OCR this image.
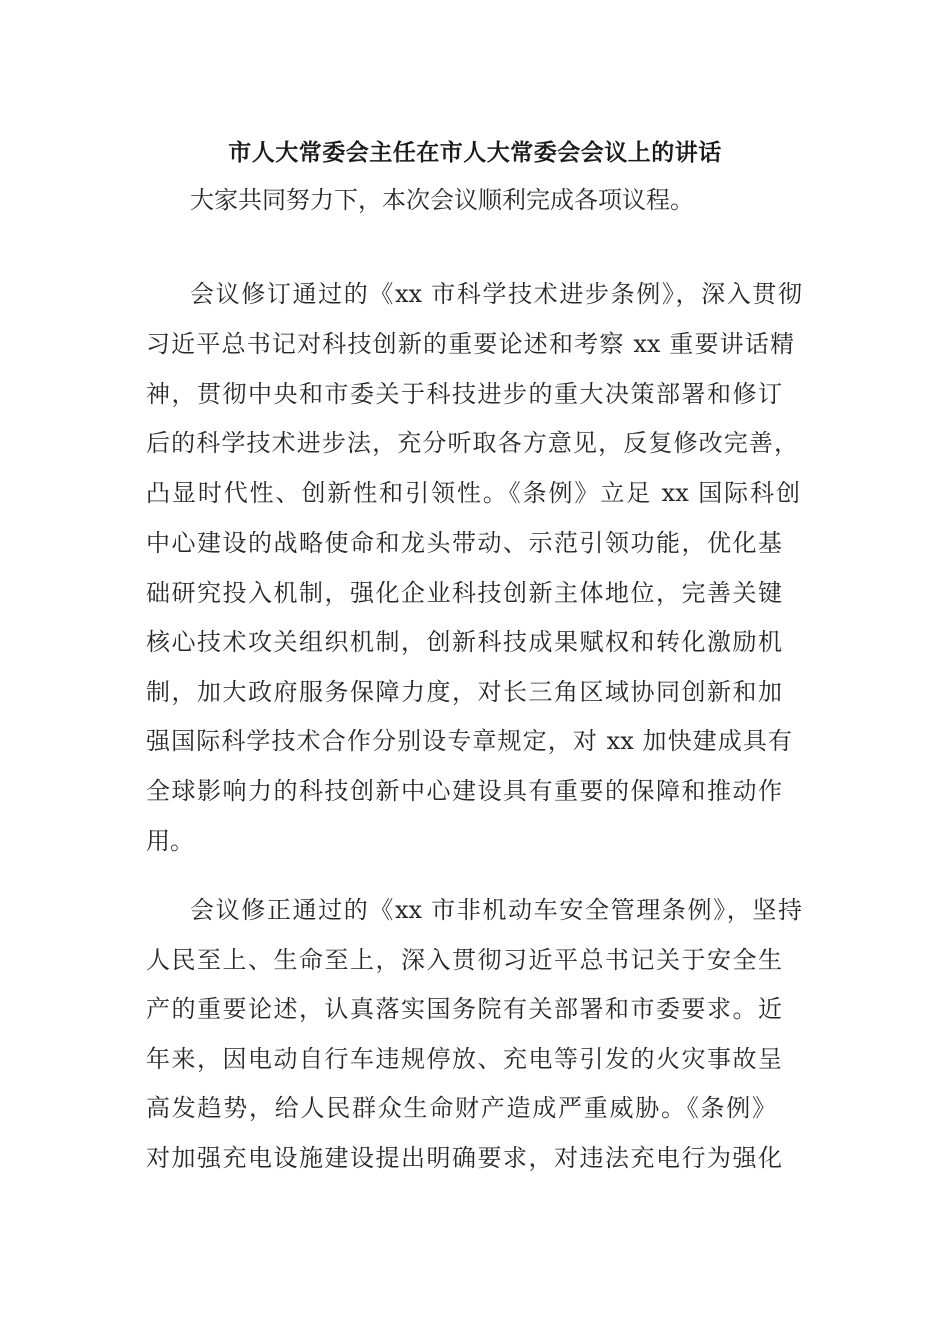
市人大常委会主任在市人大常委会会议上的讲话
大家共同努力下，本次会议顺利完成各项议程。
会议修订通过的《xx 市科学技术进步条例》，深入贯彻
习近平总书记对科技创新的重要论述和考察 xx 重要讲话精
神，贯彻中央和市委关于科技进步的重大决策部署和修订
后的科学技术进步法，充分听取各方意见，反复修改完善，
凸显时代性、创新性和引领性。《条例》立足 xx 国际科创
中心建设的战略使命和龙头带动、示范引领功能，优化基
础研究投入机制，强化企业科技创新主体地位，完善关键
核心技术攻关组织机制，创新科技成果赋权和转化激励机
制，加大政府服务保障力度，对长三角区域协同创新和加
强国际科学技术合作分别设专章规定，对 xx 加快建成具有
全球影响力的科技创新中心建设具有重要的保障和推动作
用。
会议修正通过的《xx 市非机动车安全管理条例》，坚持
人民至上、生命至上，深入贯彻习近平总书记关于安全生
产的重要论述，认真落实国务院有关部署和市委要求。近
年来，因电动自行车违规停放、充电等引发的火灾事故呈
高发趋势，给人民群众生命财产造成严重威胁。《条例》
对加强充电设施建设提出明确要求，对违法充电行为强化
